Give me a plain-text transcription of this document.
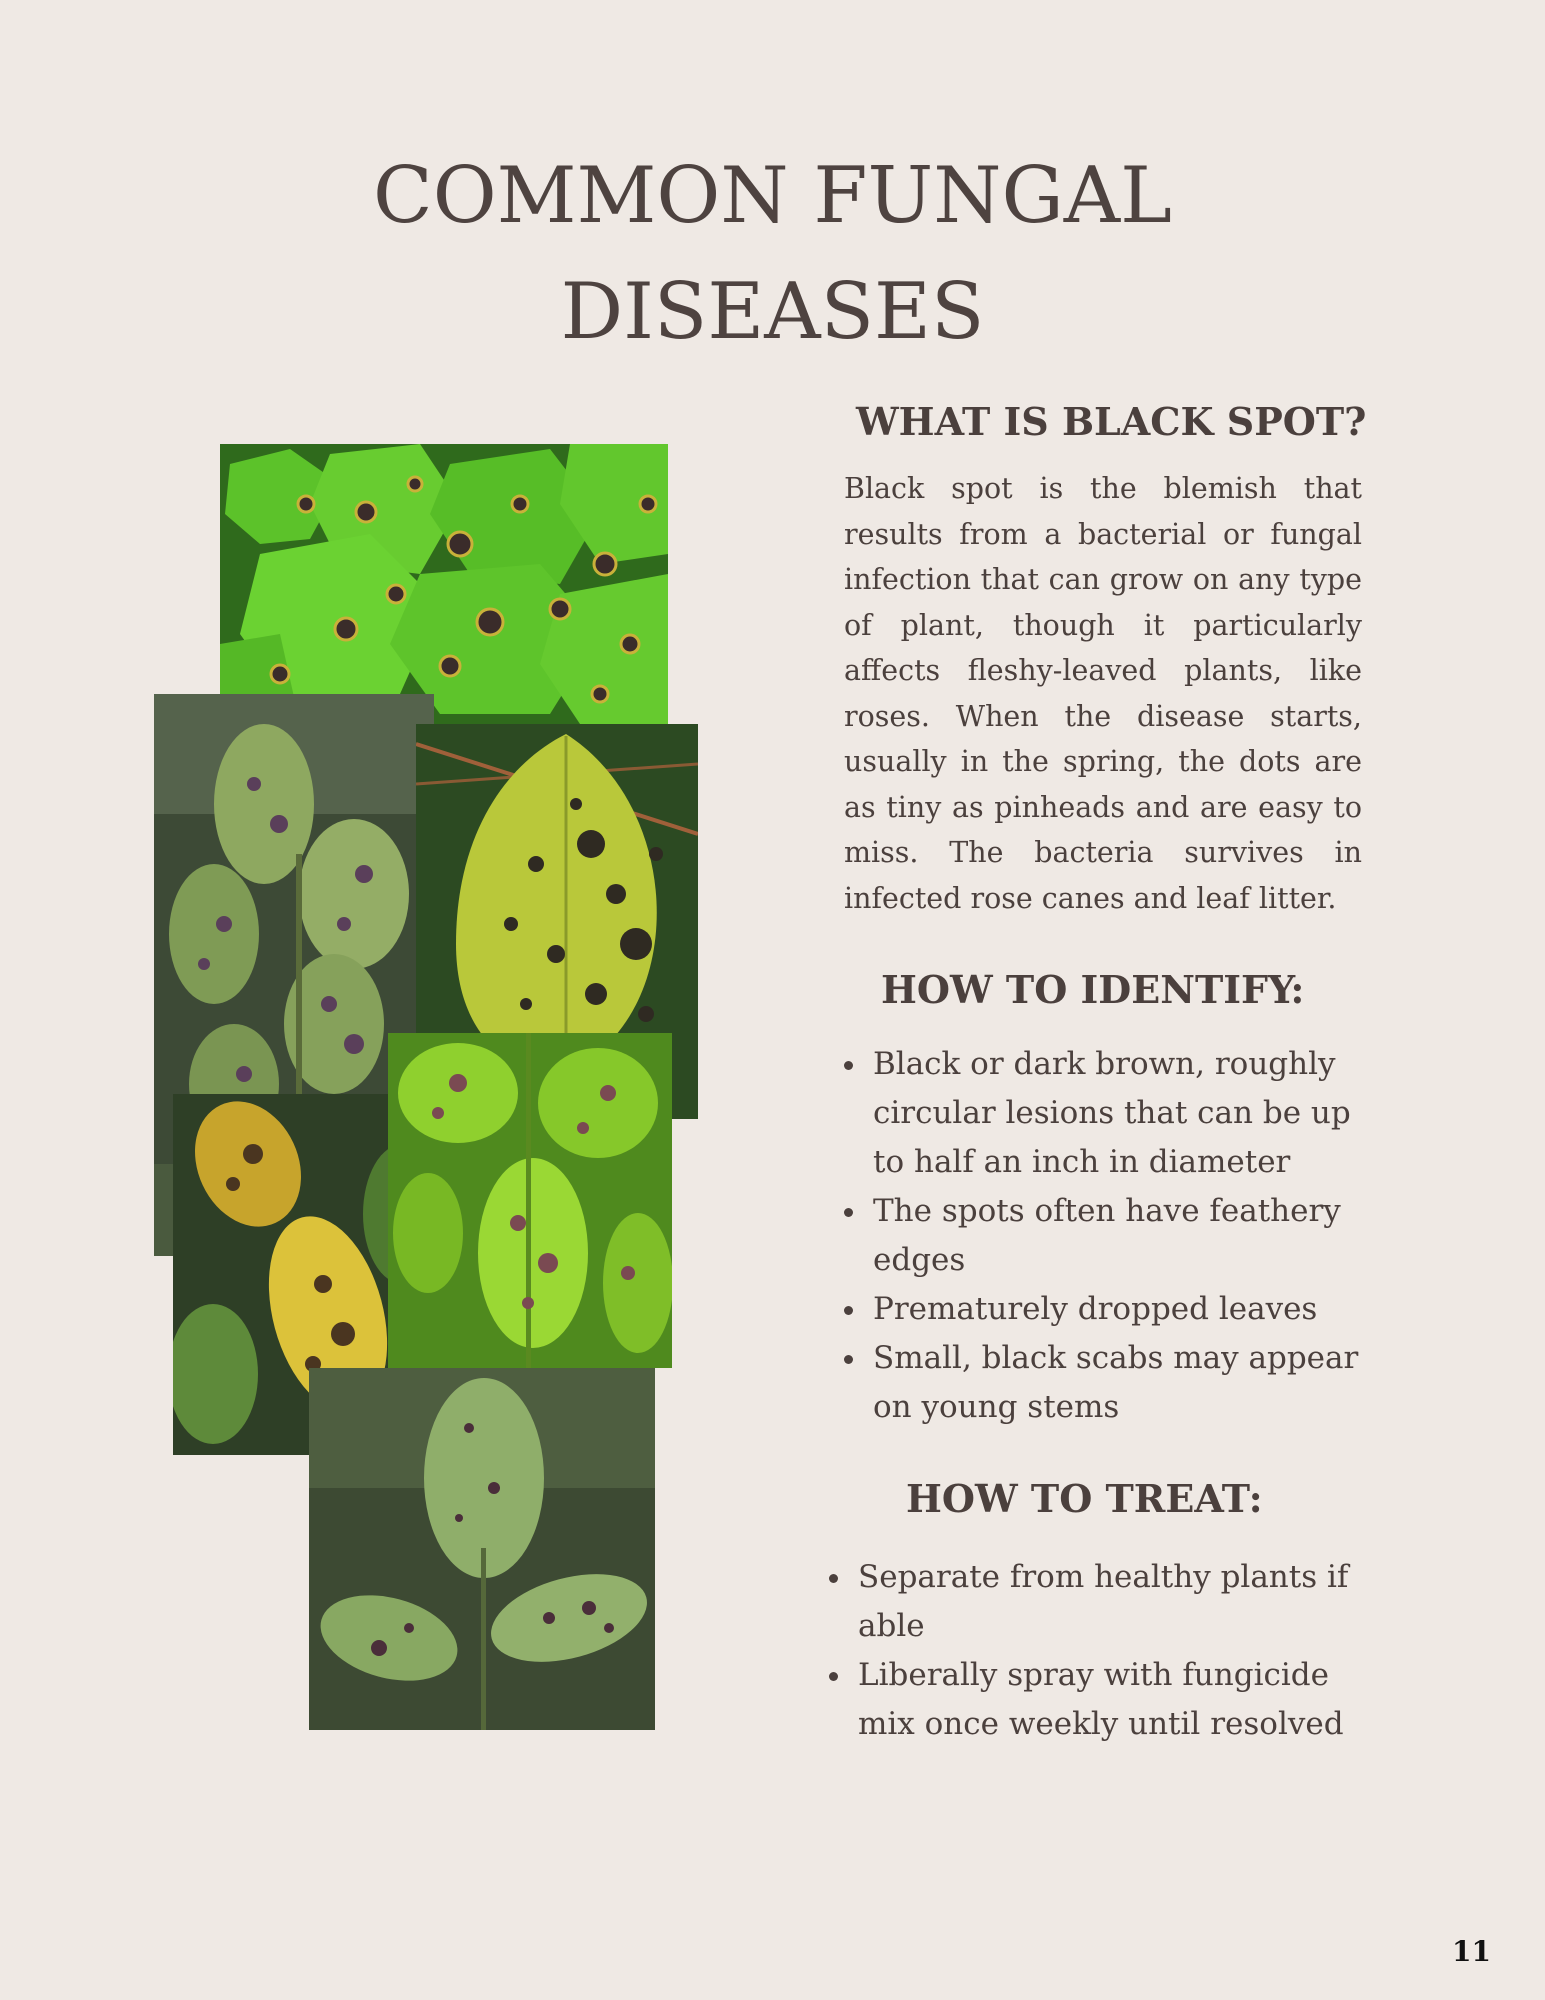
COMMON FUNGAL
DISEASES
WHAT IS BLACK SPOT?

Black spot is the blemish that results from a bacterial or fungal infection that can grow on any type of plant, though it particularly affects fleshy-leaved plants, like roses. When the disease starts, usually in the spring, the dots are as tiny as pinheads and are easy to miss. The bacteria survives in infected rose canes and leaf litter.

HOW TO IDENTIFY:
Black or dark brown, roughly circular lesions that can be up to half an inch in diameter
The spots often have feathery edges
Prematurely dropped leaves
Small, black scabs may appear on young stems
HOW TO TREAT:
Separate from healthy plants if able
Liberally spray with fungicide mix once weekly until resolved
11
